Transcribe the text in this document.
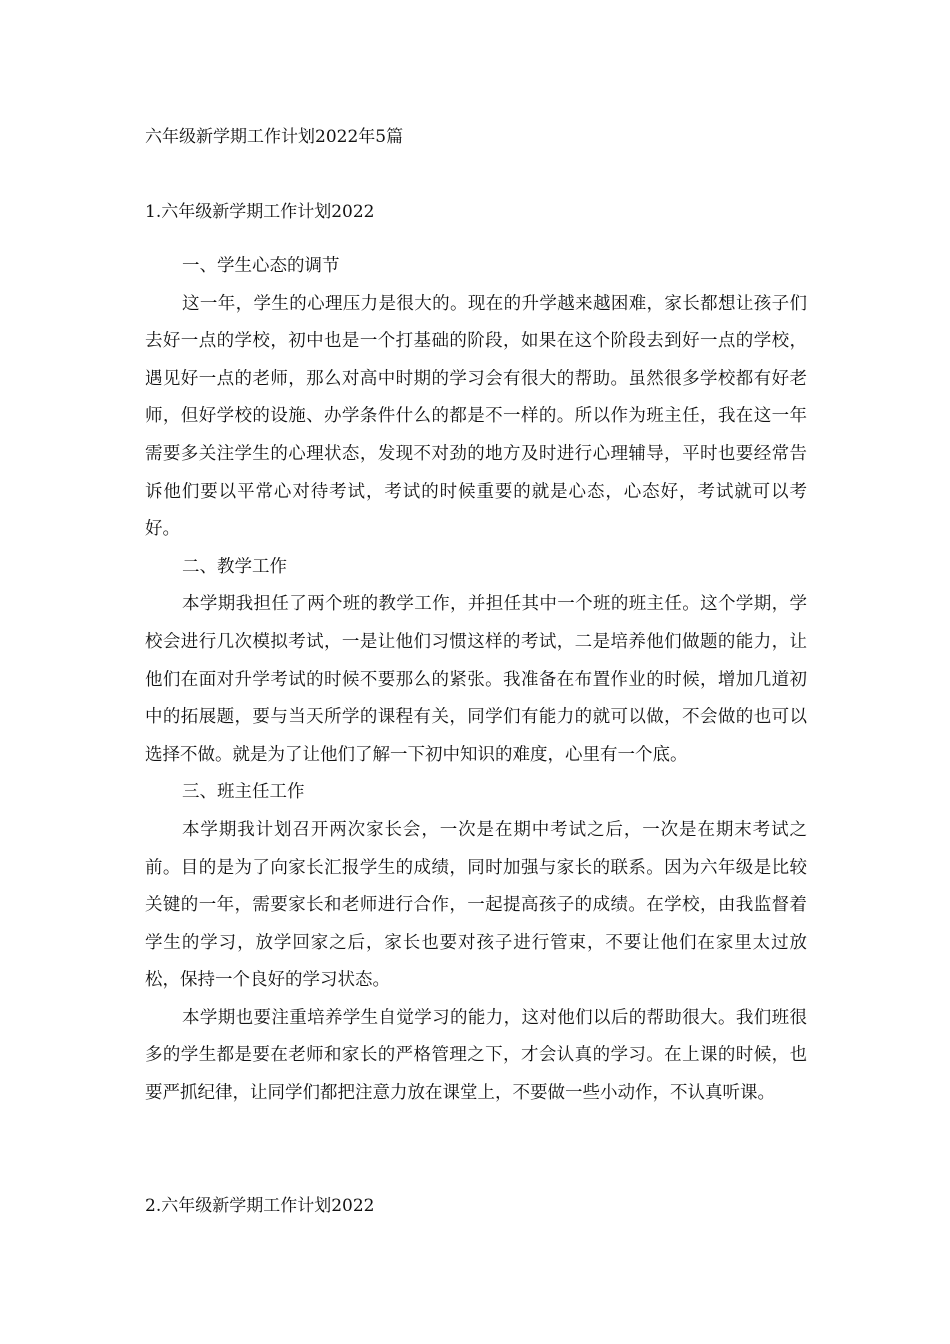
六年级新学期工作计划2022年5篇
1.六年级新学期工作计划2022

一、学生心态的调节

这一年，学生的心理压力是很大的。现在的升学越来越困难，家长都想让孩子们去好一点的学校，初中也是一个打基础的阶段，如果在这个阶段去到好一点的学校，遇见好一点的老师，那么对高中时期的学习会有很大的帮助。虽然很多学校都有好老师，但好学校的设施、办学条件什么的都是不一样的。所以作为班主任，我在这一年需要多关注学生的心理状态，发现不对劲的地方及时进行心理辅导，平时也要经常告诉他们要以平常心对待考试，考试的时候重要的就是心态，心态好，考试就可以考好。

二、教学工作

本学期我担任了两个班的教学工作，并担任其中一个班的班主任。这个学期，学校会进行几次模拟考试，一是让他们习惯这样的考试，二是培养他们做题的能力，让他们在面对升学考试的时候不要那么的紧张。我准备在布置作业的时候，增加几道初中的拓展题，要与当天所学的课程有关，同学们有能力的就可以做，不会做的也可以选择不做。就是为了让他们了解一下初中知识的难度，心里有一个底。

三、班主任工作

本学期我计划召开两次家长会，一次是在期中考试之后，一次是在期末考试之前。目的是为了向家长汇报学生的成绩，同时加强与家长的联系。因为六年级是比较关键的一年，需要家长和老师进行合作，一起提高孩子的成绩。在学校，由我监督着学生的学习，放学回家之后，家长也要对孩子进行管束，不要让他们在家里太过放松，保持一个良好的学习状态。

本学期也要注重培养学生自觉学习的能力，这对他们以后的帮助很大。我们班很多的学生都是要在老师和家长的严格管理之下，才会认真的学习。在上课的时候，也要严抓纪律，让同学们都把注意力放在课堂上，不要做一些小动作，不认真听课。

2.六年级新学期工作计划2022
